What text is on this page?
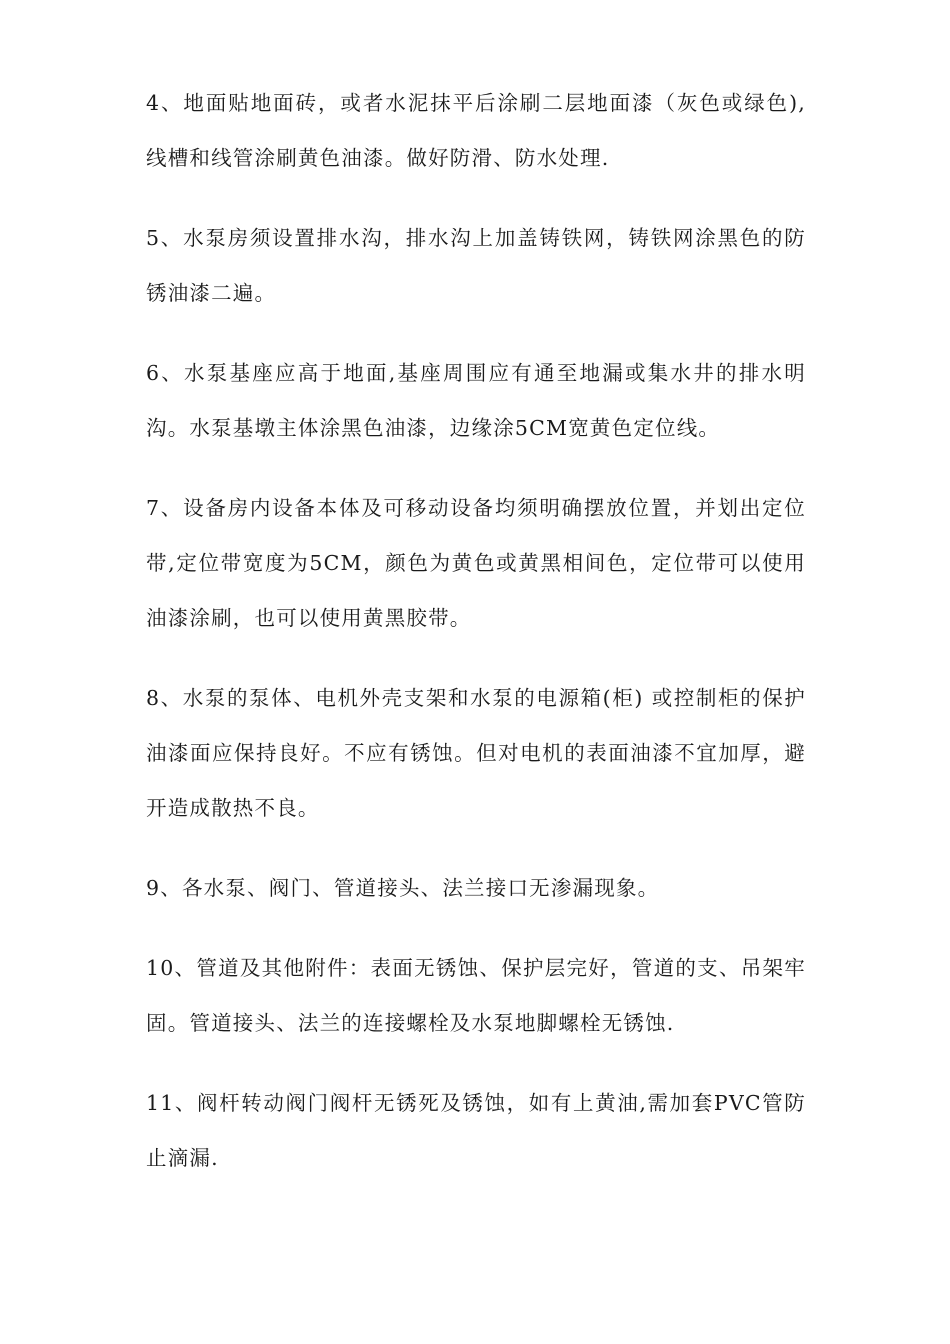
4、地面贴地面砖，或者水泥抹平后涂刷二层地面漆（灰色或绿色),线槽和线管涂刷黄色油漆。做好防滑、防水处理.

5、水泵房须设置排水沟，排水沟上加盖铸铁网，铸铁网涂黑色的防锈油漆二遍。

6、水泵基座应高于地面,基座周围应有通至地漏或集水井的排水明沟。水泵基墩主体涂黑色油漆，边缘涂5CM宽黄色定位线。

7、设备房内设备本体及可移动设备均须明确摆放位置，并划出定位带,定位带宽度为5CM，颜色为黄色或黄黑相间色，定位带可以使用油漆涂刷，也可以使用黄黑胶带。

8、水泵的泵体、电机外壳支架和水泵的电源箱(柜) 或控制柜的保护油漆面应保持良好。不应有锈蚀。但对电机的表面油漆不宜加厚，避开造成散热不良。

9、各水泵、阀门、管道接头、法兰接口无渗漏现象。

10、管道及其他附件：表面无锈蚀、保护层完好，管道的支、吊架牢固。管道接头、法兰的连接螺栓及水泵地脚螺栓无锈蚀.

11、阀杆转动阀门阀杆无锈死及锈蚀，如有上黄油,需加套PVC管防止滴漏.
